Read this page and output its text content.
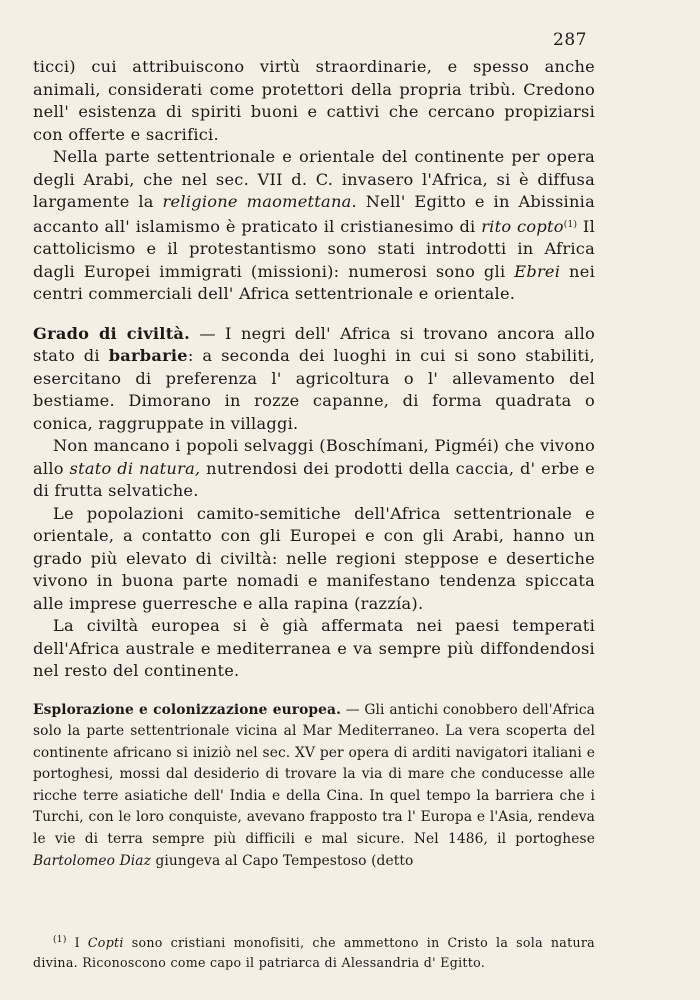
287

ticci) cui attribuiscono virtù straordinarie, e spesso anche animali, considerati come protettori della propria tribù. Credono nell' esistenza di spiriti buoni e cattivi che cercano propiziarsi con offerte e sacrifici.

Nella parte settentrionale e orientale del continente per opera degli Arabi, che nel sec. VII d. C. invasero l'Africa, si è diffusa largamente la religione maomettana. Nell' Egitto e in Abissinia accanto all' islamismo è praticato il cristianesimo di rito copto$^{(1)}$ Il cattolicismo e il protestantismo sono stati introdotti in Africa dagli Europei immigrati (missioni): numerosi sono gli Ebrei nei centri commerciali dell' Africa settentrionale e orientale.

Grado di civiltà. — I negri dell' Africa si trovano ancora allo stato di barbarie: a seconda dei luoghi in cui si sono stabiliti, esercitano di preferenza l' agricoltura o l' allevamento del bestiame. Dimorano in rozze capanne, di forma quadrata o conica, raggruppate in villaggi.

Non mancano i popoli selvaggi (Boschímani, Pigméi) che vivono allo stato di natura, nutrendosi dei prodotti della caccia, d' erbe e di frutta selvatiche.

Le popolazioni camito-semitiche dell'Africa settentrionale e orientale, a contatto con gli Europei e con gli Arabi, hanno un grado più elevato di civiltà: nelle regioni steppose e desertiche vivono in buona parte nomadi e manifestano tendenza spiccata alle imprese guerresche e alla rapina (razzía).

La civiltà europea si è già affermata nei paesi temperati dell'Africa australe e mediterranea e va sempre più diffondendosi nel resto del continente.

Esplorazione e colonizzazione europea. — Gli antichi conobbero dell'Africa solo la parte settentrionale vicina al Mar Mediterraneo. La vera scoperta del continente africano si iniziò nel sec. XV per opera di arditi navigatori italiani e portoghesi, mossi dal desiderio di trovare la via di mare che conducesse alle ricche terre asiatiche dell' India e della Cina. In quel tempo la barriera che i Turchi, con le loro conquiste, avevano frapposto tra l' Europa e l'Asia, rendeva le vie di terra sempre più difficili e mal sicure. Nel 1486, il portoghese Bartolomeo Diaz giungeva al Capo Tempestoso (detto

$^{(1)}$ I Copti sono cristiani monofisiti, che ammettono in Cristo la sola natura divina. Riconoscono come capo il patriarca di Alessandria d' Egitto.
